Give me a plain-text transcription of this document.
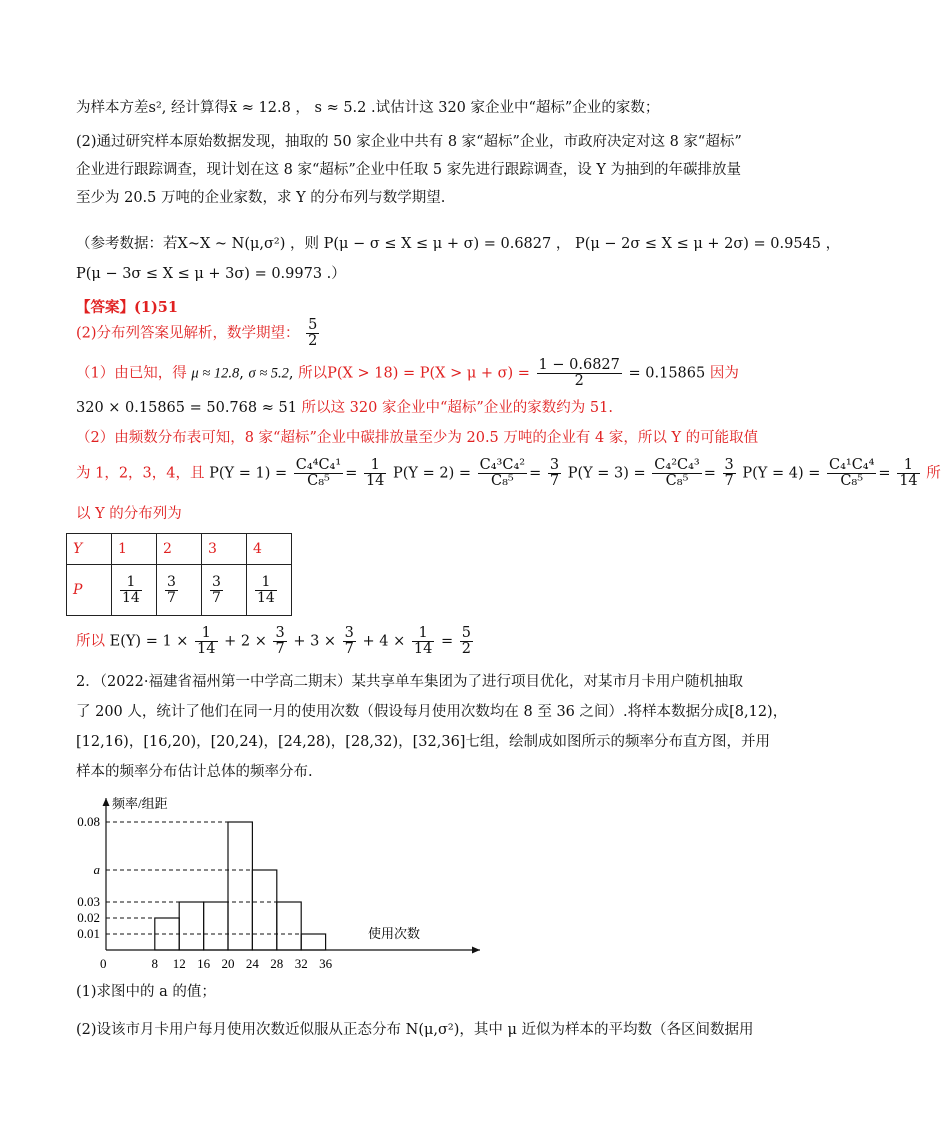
为样本方差s², 经计算得x̄ ≈ 12.8 ， s ≈ 5.2 .试估计这 320 家企业中“超标”企业的家数；
(2)通过研究样本原始数据发现，抽取的 50 家企业中共有 8 家“超标”企业，市政府决定对这 8 家“超标”
企业进行跟踪调查，现计划在这 8 家“超标”企业中任取 5 家先进行跟踪调查，设 Y 为抽到的年碳排放量
至少为 20.5 万吨的企业家数，求 Y 的分布列与数学期望.
（参考数据：若X~X ~ N(μ,σ²) ，则 P(μ − σ ≤ X ≤ μ + σ) = 0.6827 ， P(μ − 2σ ≤ X ≤ μ + 2σ) = 0.9545 ，
P(μ − 3σ ≤ X ≤ μ + 3σ) = 0.9973 .）
【答案】(1)51
(2)分布列答案见解析，数学期望： $\frac{5}{2}$
（1）由已知，得 μ ≈ 12.8, σ ≈ 5.2, 所以$P(X > 18) = P(X > \mu + \sigma) = \frac{1 - 0.6827}{2} = 0.15865$ 因为
320 × 0.15865 = 50.768 ≈ 51 所以这 320 家企业中“超标”企业的家数约为 51.
（2）由频数分布表可知，8 家“超标”企业中碳排放量至少为 20.5 万吨的企业有 4 家，所以 Y 的可能取值
为 1，2，3，4，且 $P(Y = 1) = \frac{\text{C₄⁴C₄¹}}{\text{C₈⁵}} = \frac{1}{14} P(Y = 2) = \frac{\text{C₄³C₄²}}{\text{C₈⁵}} = \frac{3}{7} P(Y = 3) = \frac{\text{C₄²C₄³}}{\text{C₈⁵}} = \frac{3}{7} P(Y = 4) = \frac{\text{C₄¹C₄⁴}}{\text{C₈⁵}} = \frac{1}{14}$ 所
以 Y 的分布列为
Y	1	2	3	4
P	$\frac{1}{14}$	$\frac{3}{7}$	$\frac{3}{7}$	$\frac{1}{14}$
所以 $E(Y) = 1 \times \frac{1}{14} + 2 \times \frac{3}{7} + 3 \times \frac{3}{7} + 4 \times \frac{1}{14} = \frac{5}{2}$
2．（2022·福建省福州第一中学高二期末）某共享单车集团为了进行项目优化，对某市月卡用户随机抽取
了 200 人，统计了他们在同一月的使用次数（假设每月使用次数均在 8 至 36 之间）.将样本数据分成[8,12)，
[12,16)，[16,20)，[20,24)，[24,28)，[28,32)，[32,36]七组，绘制成如图所示的频率分布直方图，并用
样本的频率分布估计总体的频率分布.
8 12 16 20 24 28 32 36
0.08
a
0.03
0.02
0.01
频率/组距
使用次数
0
(1)求图中的 a 的值；
(2)设该市月卡用户每月使用次数近似服从正态分布 N(μ,σ²)，其中 μ 近似为样本的平均数（各区间数据用
